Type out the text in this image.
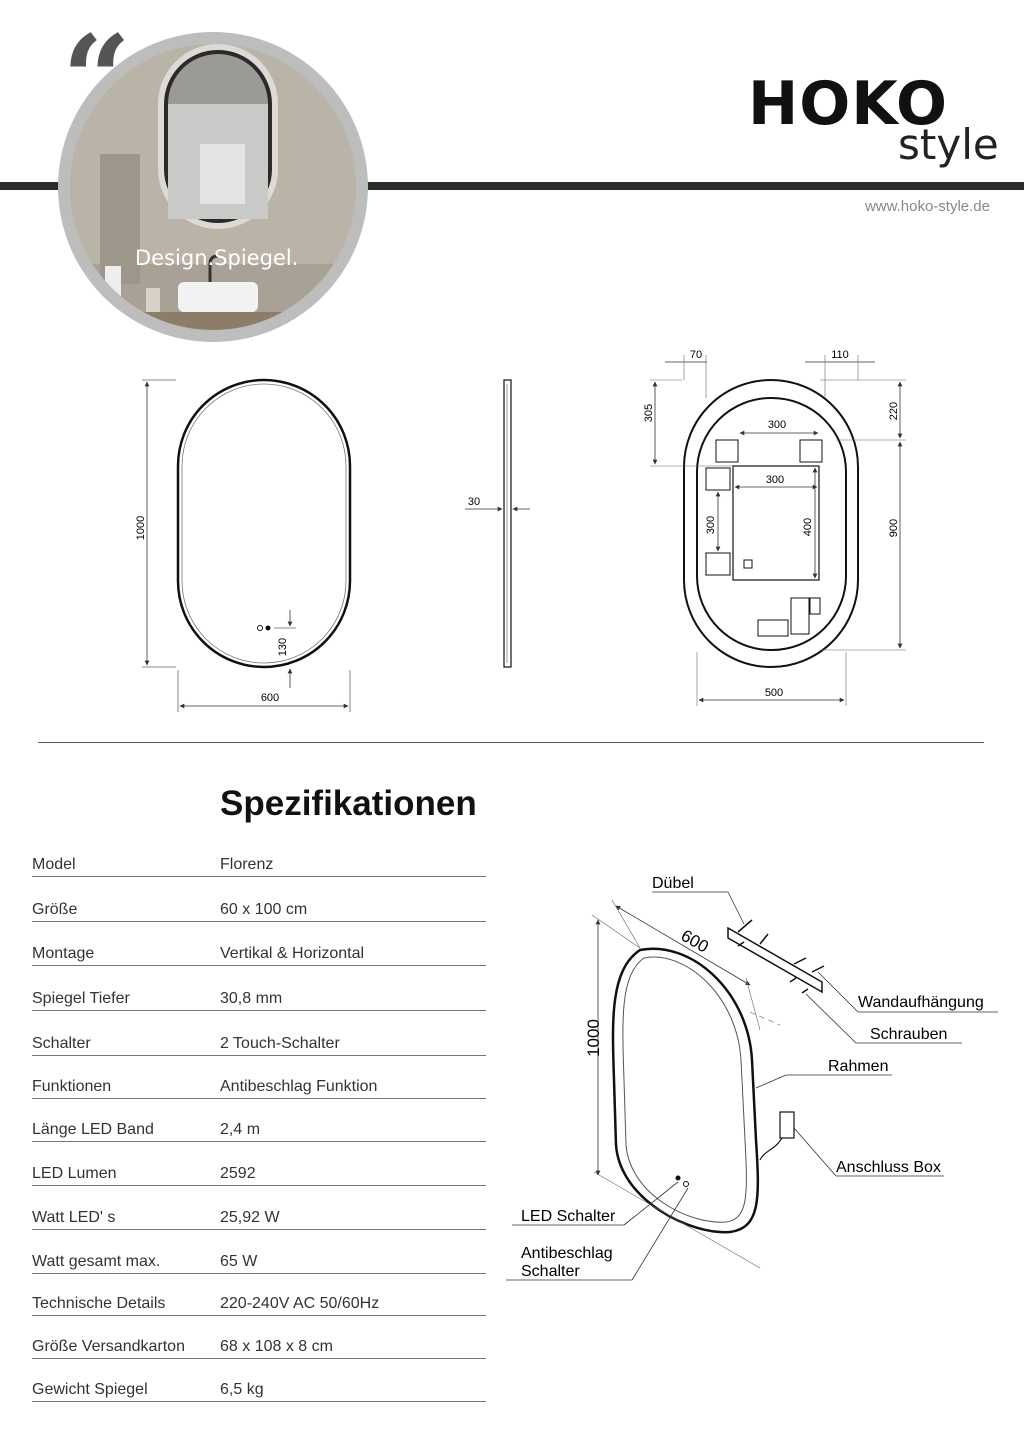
“
Design.Spiegel.
HOKO
style
www.hoko-style.de
1000
600
130
30
70	110
305	220
300
300
300	400	900
500
Spezifikationen
Model	Florenz
Größe	60 x 100 cm
Montage	Vertikal & Horizontal
Spiegel Tiefer	30,8 mm
Schalter	2 Touch-Schalter
Funktionen	Antibeschlag Funktion
Länge LED Band	2,4 m
LED Lumen	2592
Watt LED' s	25,92 W
Watt gesamt max.	65 W
Technische Details	220-240V AC 50/60Hz
Größe Versandkarton 68 x 108 x 8 cm
Gewicht Spiegel	6,5 kg
600
1000
Dübel
Wandaufhängung
Schrauben
Rahmen
Anschluss Box
LED Schalter
Antibeschlag
Schalter
